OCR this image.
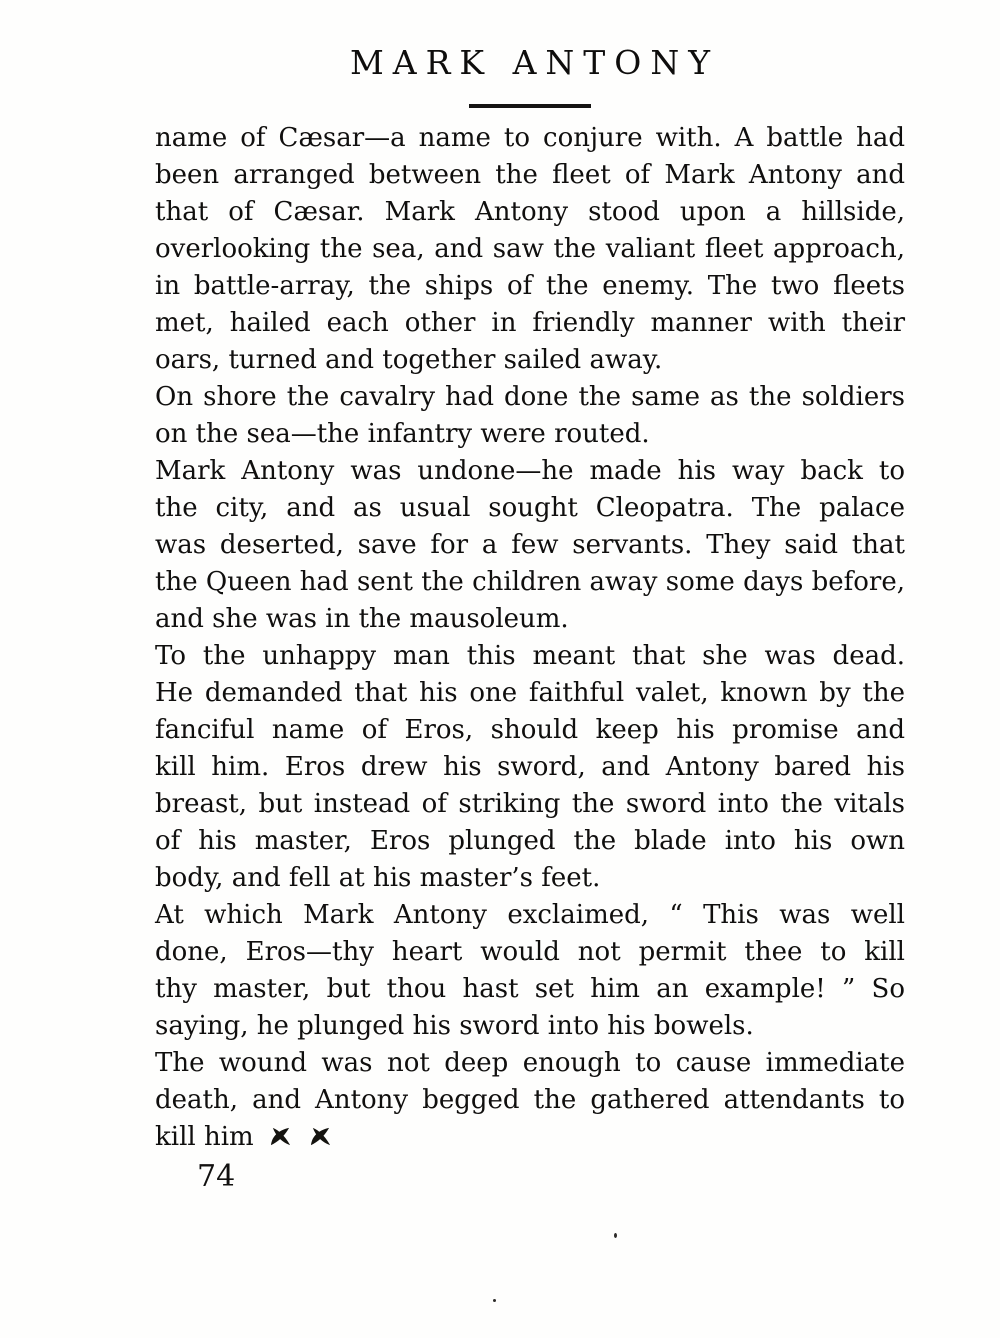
MARK ANTONY
name of Cæsar—a name to conjure with. A battle had
been arranged between the fleet of Mark Antony and
that of Cæsar. Mark Antony stood upon a hillside,
overlooking the sea, and saw the valiant fleet approach,
in battle-array, the ships of the enemy. The two fleets
met, hailed each other in friendly manner with their
oars, turned and together sailed away.
On shore the cavalry had done the same as the soldiers
on the sea—the infantry were routed.
Mark Antony was undone—he made his way back to
the city, and as usual sought Cleopatra. The palace
was deserted, save for a few servants. They said that
the Queen had sent the children away some days before,
and she was in the mausoleum.
To the unhappy man this meant that she was dead.
He demanded that his one faithful valet, known by the
fanciful name of Eros, should keep his promise and
kill him. Eros drew his sword, and Antony bared his
breast, but instead of striking the sword into the vitals
of his master, Eros plunged the blade into his own
body, and fell at his master’s feet.
At which Mark Antony exclaimed, “ This was well
done, Eros—thy heart would not permit thee to kill
thy master, but thou hast set him an example! ” So
saying, he plunged his sword into his bowels.
The wound was not deep enough to cause immediate
death, and Antony begged the gathered attendants to
kill him
74
